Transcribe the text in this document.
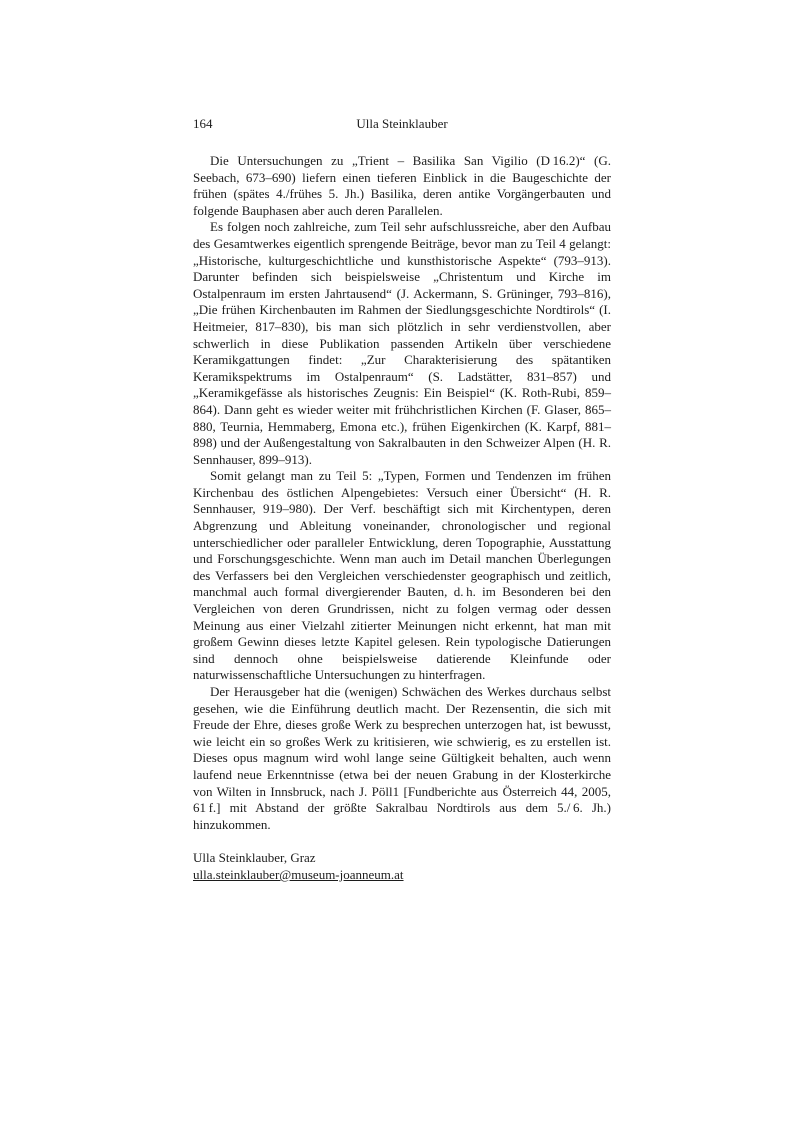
164	Ulla Steinklauber

Die Untersuchungen zu „Trient – Basilika San Vigilio (D 16.2)“ (G. Seebach, 673–690) liefern einen tieferen Einblick in die Baugeschichte der frühen (spätes 4./frühes 5. Jh.) Basilika, deren antike Vorgängerbauten und folgende Bauphasen aber auch deren Parallelen.

Es folgen noch zahlreiche, zum Teil sehr aufschlussreiche, aber den Aufbau des Gesamtwerkes eigentlich sprengende Beiträge, bevor man zu Teil 4 gelangt: „Historische, kulturgeschichtliche und kunsthistorische Aspekte“ (793–913). Darunter befinden sich beispielsweise „Christentum und Kirche im Ostalpenraum im ersten Jahrtausend“ (J. Ackermann, S. Grüninger, 793–816), „Die frühen Kirchenbauten im Rahmen der Siedlungsgeschichte Nordtirols“ (I. Heitmeier, 817–830), bis man sich plötzlich in sehr verdienstvollen, aber schwerlich in diese Publikation passenden Artikeln über verschiedene Keramikgattungen findet: „Zur Charakterisierung des spätantiken Keramikspektrums im Ostalpenraum“ (S. Ladstätter, 831–857) und „Keramikgefässe als historisches Zeugnis: Ein Beispiel“ (K. Roth-Rubi, 859–864). Dann geht es wieder weiter mit frühchristlichen Kirchen (F. Glaser, 865–880, Teurnia, Hemmaberg, Emona etc.), frühen Eigenkirchen (K. Karpf, 881–898) und der Außengestaltung von Sakralbauten in den Schweizer Alpen (H. R. Sennhauser, 899–913).

Somit gelangt man zu Teil 5: „Typen, Formen und Tendenzen im frühen Kirchenbau des östlichen Alpengebietes: Versuch einer Übersicht“ (H. R. Sennhauser, 919–980). Der Verf. beschäftigt sich mit Kirchentypen, deren Abgrenzung und Ableitung voneinander, chronologischer und regional unterschiedlicher oder paralleler Entwicklung, deren Topographie, Ausstattung und Forschungsgeschichte. Wenn man auch im Detail manchen Überlegungen des Verfassers bei den Vergleichen verschiedenster geographisch und zeitlich, manchmal auch formal divergierender Bauten, d. h. im Besonderen bei den Vergleichen von deren Grundrissen, nicht zu folgen vermag oder dessen Meinung aus einer Vielzahl zitierter Meinungen nicht erkennt, hat man mit großem Gewinn dieses letzte Kapitel gelesen. Rein typologische Datierungen sind dennoch ohne beispielsweise datierende Kleinfunde oder naturwissenschaftliche Untersuchungen zu hinterfragen.

Der Herausgeber hat die (wenigen) Schwächen des Werkes durchaus selbst gesehen, wie die Einführung deutlich macht. Der Rezensentin, die sich mit Freude der Ehre, dieses große Werk zu besprechen unterzogen hat, ist bewusst, wie leicht ein so großes Werk zu kritisieren, wie schwierig, es zu erstellen ist. Dieses opus magnum wird wohl lange seine Gültigkeit behalten, auch wenn laufend neue Erkenntnisse (etwa bei der neuen Grabung in der Klosterkirche von Wilten in Innsbruck, nach J. Pöll1 [Fundberichte aus Österreich 44, 2005, 61 f.] mit Abstand der größte Sakralbau Nordtirols aus dem 5./ 6. Jh.) hinzukommen.

Ulla Steinklauber, Graz

ulla.steinklauber@museum-joanneum.at
